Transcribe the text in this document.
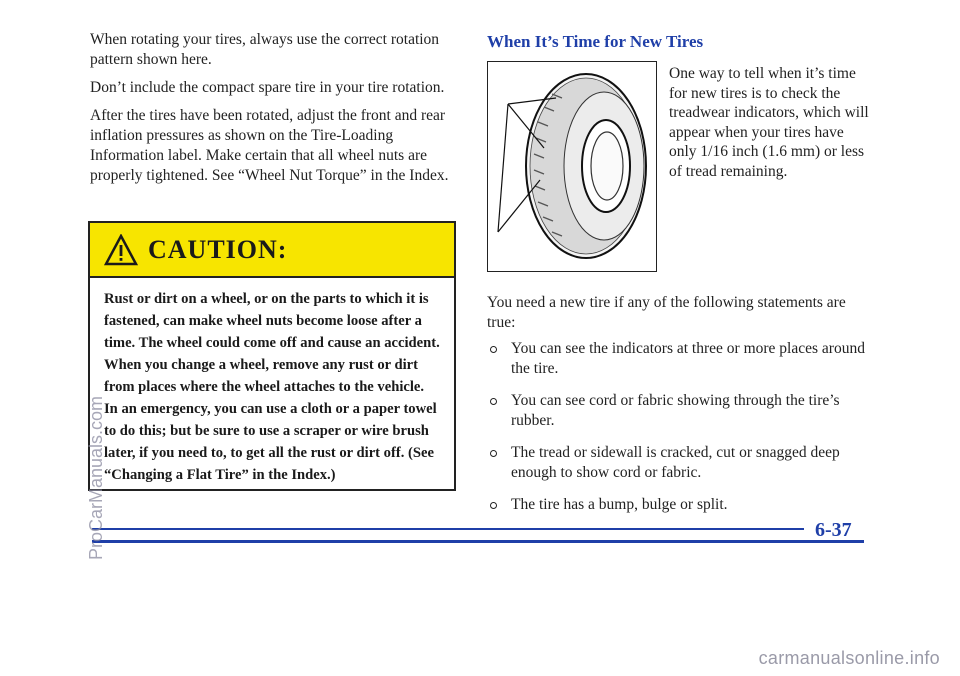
When rotating your tires, always use the correct rotation pattern shown here.

Don’t include the compact spare tire in your tire rotation.

After the tires have been rotated, adjust the front and rear inflation pressures as shown on the Tire-Loading Information label. Make certain that all wheel nuts are properly tightened. See “Wheel Nut Torque” in the Index.

CAUTION:
Rust or dirt on a wheel, or on the parts to which it is fastened, can make wheel nuts become loose after a time. The wheel could come off and cause an accident. When you change a wheel, remove any rust or dirt from places where the wheel attaches to the vehicle. In an emergency, you can use a cloth or a paper towel to do this; but be sure to use a scraper or wire brush later, if you need to, to get all the rust or dirt off. (See “Changing a Flat Tire” in the Index.)
When It’s Time for New Tires

One way to tell when it’s time for new tires is to check the treadwear indicators, which will appear when your tires have only 1/16 inch (1.6 mm) or less of tread remaining.

You need a new tire if any of the following statements are true:

You can see the indicators at three or more places around the tire.
You can see cord or fabric showing through the tire’s rubber.
The tread or sidewall is cracked, cut or snagged deep enough to show cord or fabric.
The tire has a bump, bulge or split.
6-37
ProCarManuals.com
carmanualsonline.info
